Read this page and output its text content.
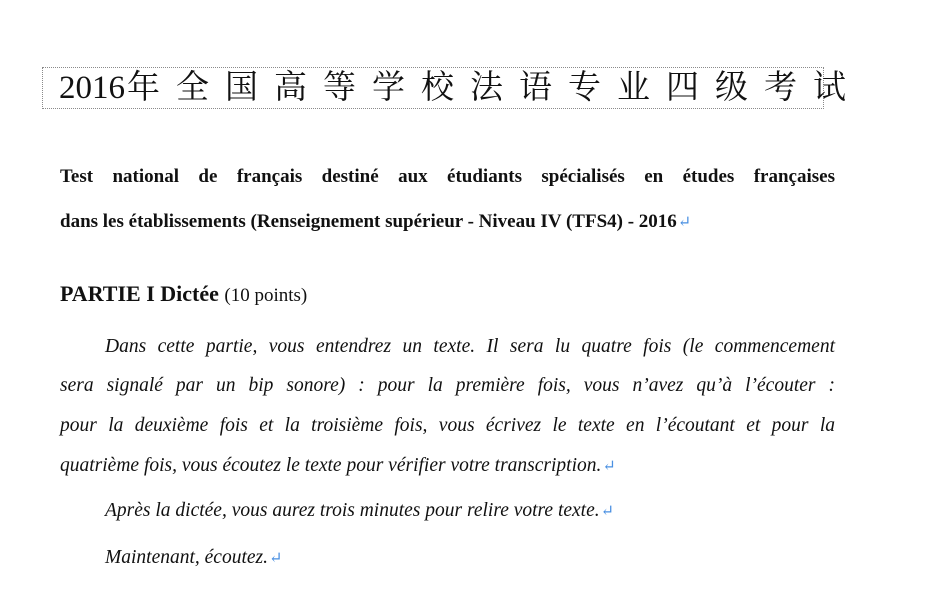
2016年全国高等学校法语专业四级考试
Test national de français destiné aux étudiants spécialisés en études françaises
dans les établissements (Renseignement supérieur - Niveau IV (TFS4) - 2016↵
PARTIE I Dictée (10 points)
Dans cette partie, vous entendrez un texte. Il sera lu quatre fois (le commencement
sera signalé par un bip sonore) : pour la première fois, vous n’avez qu’à l’écouter :
pour la deuxième fois et la troisième fois, vous écrivez le texte en l’écoutant et pour la
quatrième fois, vous écoutez le texte pour vérifier votre transcription.↵
Après la dictée, vous aurez trois minutes pour relire votre texte.↵
Maintenant, écoutez.↵
